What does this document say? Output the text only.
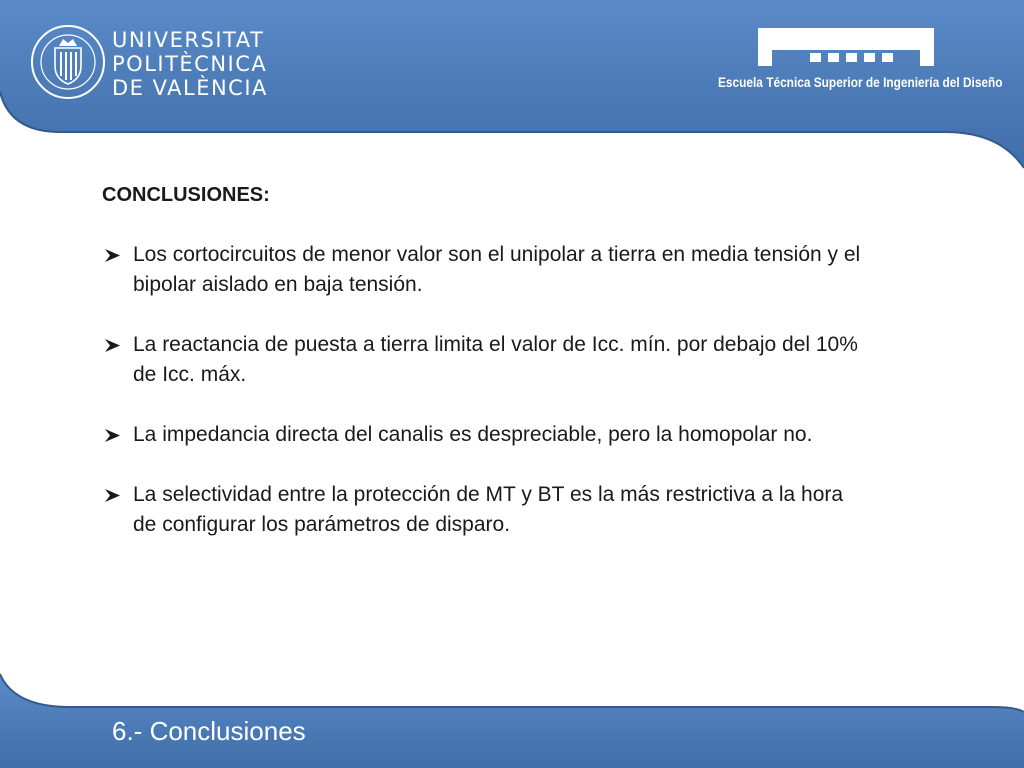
UNIVERSITAT
POLITÈCNICA
DE VALÈNCIA	Escuela Técnica Superior de Ingeniería del Diseño
CONCLUSIONES:
Los cortocircuitos de menor valor son el unipolar a tierra en media tensión y el bipolar aislado en baja tensión.
La reactancia de puesta a tierra limita el valor de Icc. mín. por debajo del 10% de Icc. máx.
La impedancia directa del canalis es despreciable, pero la homopolar no.
La selectividad entre la protección de MT y BT es la más restrictiva a la hora de configurar los parámetros de disparo.
6.- Conclusiones
